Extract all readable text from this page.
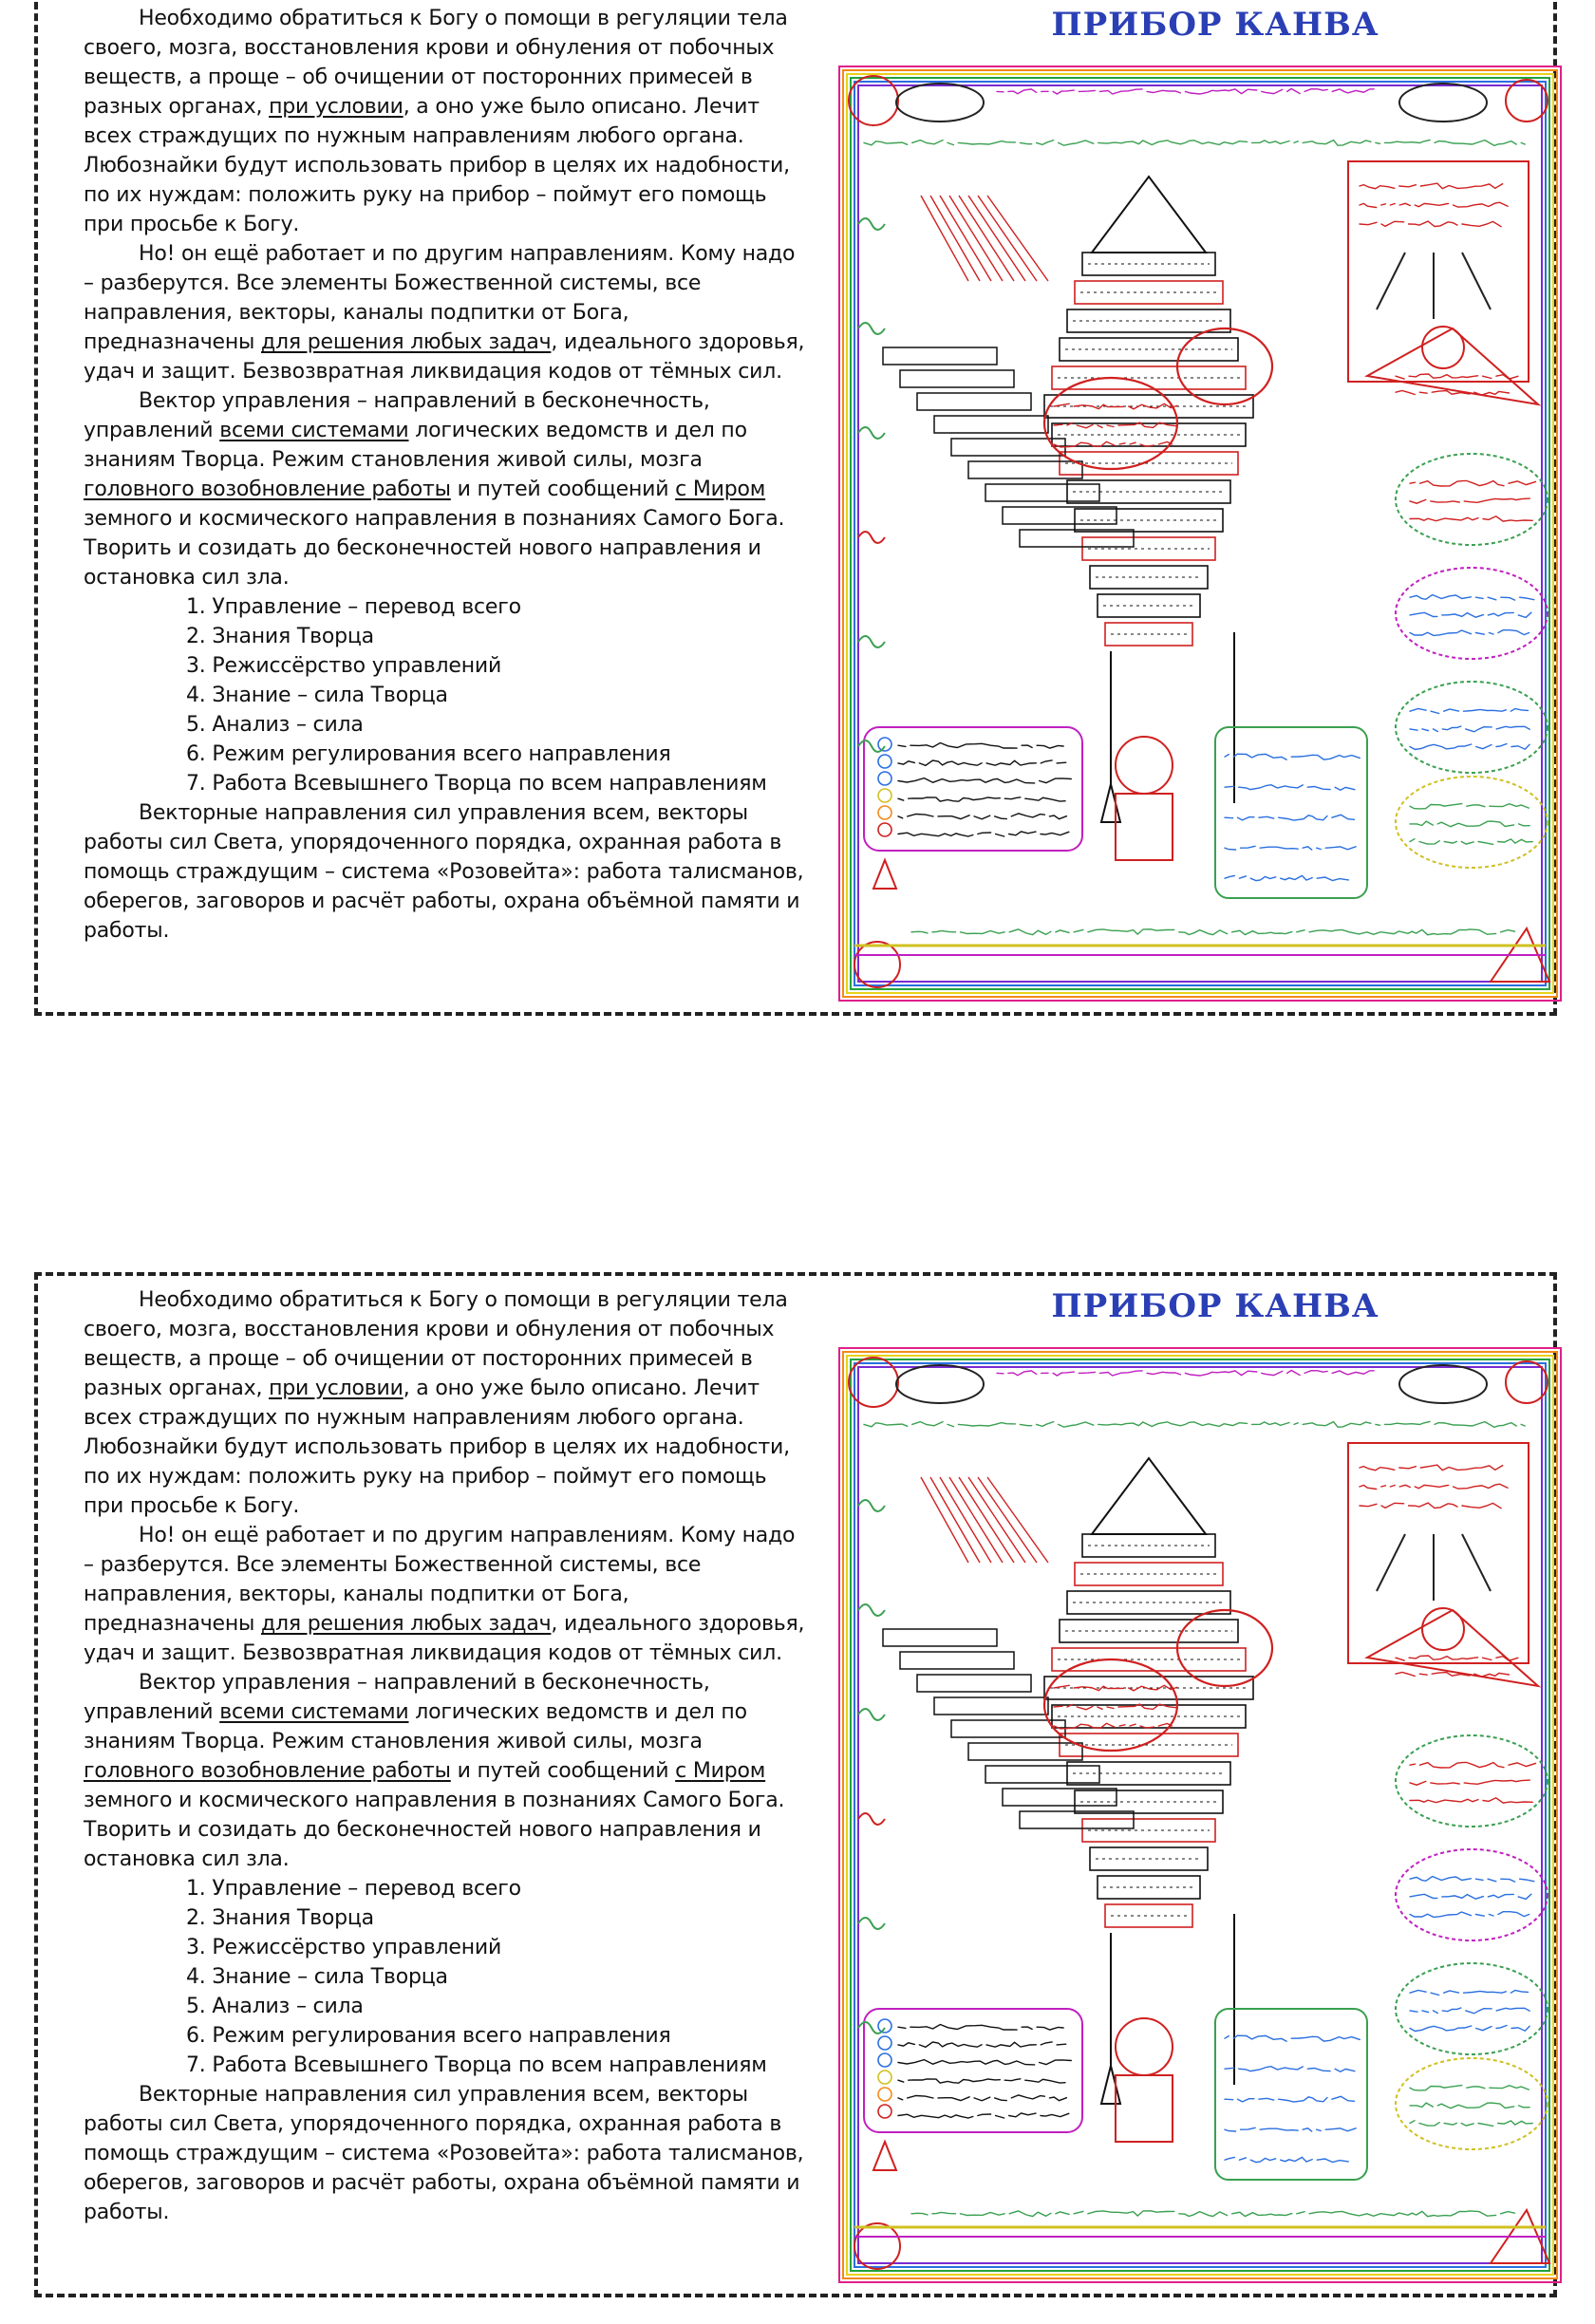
Необходимо обратиться к Богу о помощи в регуляции тела своего, мозга, восстановления крови и обнуления от побочных веществ, а проще – об очищении от посторонних примесей в разных органах, при условии, а оно уже было описано. Лечит всех страждущих по нужным направлениям любого органа. Любознайки будут использовать прибор в целях их надобности, по их нуждам: положить руку на прибор – поймут его помощь при просьбе к Богу.

Но! он ещё работает и по другим направлениям. Кому надо – разберутся. Все элементы Божественной системы, все направления, векторы, каналы подпитки от Бога, предназначены для решения любых задач, идеального здоровья, удач и защит. Безвозвратная ликвидация кодов от тёмных сил.

Вектор управления – направлений в бесконечность, управлений всеми системами логических ведомств и дел по знаниям Творца. Режим становления живой силы, мозга головного возобновление работы и путей сообщений с Миром земного и космического направления в познаниях Самого Бога. Творить и созидать до бесконечностей нового направления и остановка сил зла.

1. Управление – перевод всего
2. Знания Творца
3. Режиссёрство управлений
4. Знание – сила Творца
5. Анализ – сила
6. Режим регулирования всего направления
7. Работа Всевышнего Творца по всем направлениям

Векторные направления сил управления всем, векторы работы сил Света, упорядоченного порядка, охранная работа в помощь страждущим – система «Розовейта»: работа талисманов, оберегов, заговоров и расчёт работы, охрана объёмной памяти и работы.

ПРИБОР КАНВА

Необходимо обратиться к Богу о помощи в регуляции тела своего, мозга, восстановления крови и обнуления от побочных веществ, а проще – об очищении от посторонних примесей в разных органах, при условии, а оно уже было описано. Лечит всех страждущих по нужным направлениям любого органа. Любознайки будут использовать прибор в целях их надобности, по их нуждам: положить руку на прибор – поймут его помощь при просьбе к Богу.

Но! он ещё работает и по другим направлениям. Кому надо – разберутся. Все элементы Божественной системы, все направления, векторы, каналы подпитки от Бога, предназначены для решения любых задач, идеального здоровья, удач и защит. Безвозвратная ликвидация кодов от тёмных сил.

Вектор управления – направлений в бесконечность, управлений всеми системами логических ведомств и дел по знаниям Творца. Режим становления живой силы, мозга головного возобновление работы и путей сообщений с Миром земного и космического направления в познаниях Самого Бога. Творить и созидать до бесконечностей нового направления и остановка сил зла.

1. Управление – перевод всего
2. Знания Творца
3. Режиссёрство управлений
4. Знание – сила Творца
5. Анализ – сила
6. Режим регулирования всего направления
7. Работа Всевышнего Творца по всем направлениям

Векторные направления сил управления всем, векторы работы сил Света, упорядоченного порядка, охранная работа в помощь страждущим – система «Розовейта»: работа талисманов, оберегов, заговоров и расчёт работы, охрана объёмной памяти и работы.

ПРИБОР КАНВА
